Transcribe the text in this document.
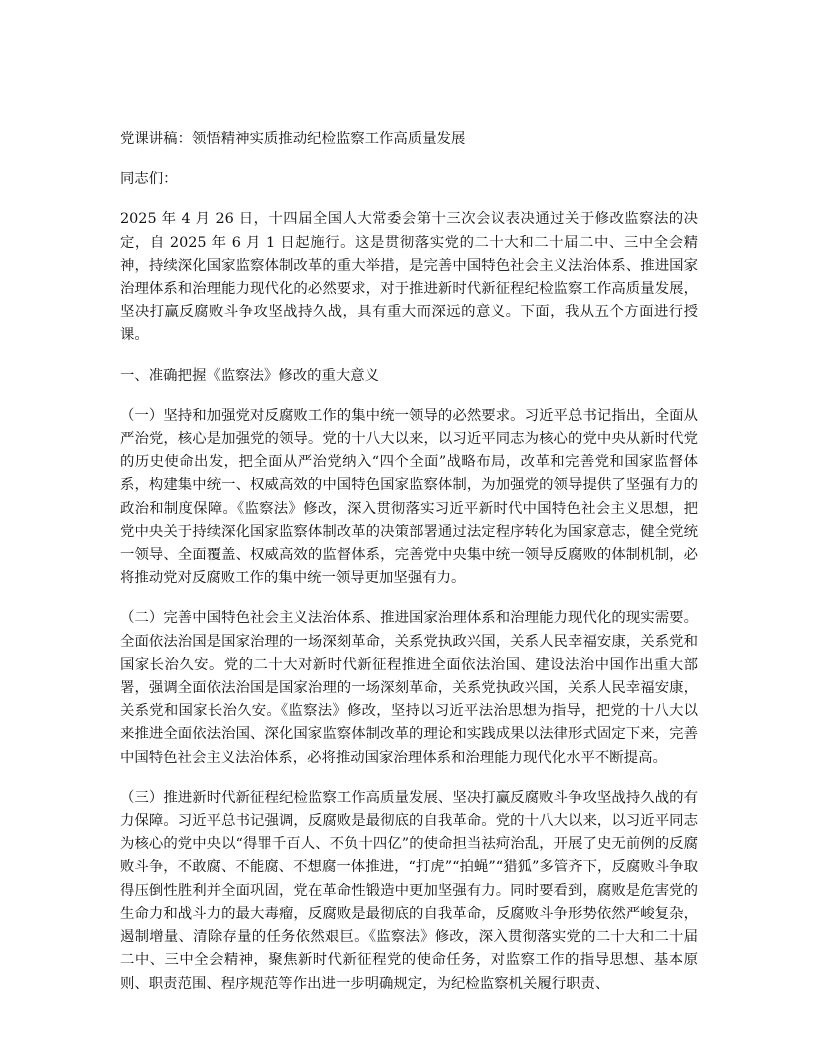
党课讲稿：领悟精神实质推动纪检监察工作高质量发展

同志们：

2025 年 4 月 26 日，十四届全国人大常委会第十三次会议表决通过关于修改监察法的决定，自 2025 年 6 月 1 日起施行。这是贯彻落实党的二十大和二十届二中、三中全会精神，持续深化国家监察体制改革的重大举措，是完善中国特色社会主义法治体系、推进国家治理体系和治理能力现代化的必然要求，对于推进新时代新征程纪检监察工作高质量发展，坚决打赢反腐败斗争攻坚战持久战，具有重大而深远的意义。下面，我从五个方面进行授课。

一、准确把握《监察法》修改的重大意义

（一）坚持和加强党对反腐败工作的集中统一领导的必然要求。习近平总书记指出，全面从严治党，核心是加强党的领导。党的十八大以来，以习近平同志为核心的党中央从新时代党的历史使命出发，把全面从严治党纳入“四个全面”战略布局，改革和完善党和国家监督体系，构建集中统一、权威高效的中国特色国家监察体制，为加强党的领导提供了坚强有力的政治和制度保障。《监察法》修改，深入贯彻落实习近平新时代中国特色社会主义思想，把党中央关于持续深化国家监察体制改革的决策部署通过法定程序转化为国家意志，健全党统一领导、全面覆盖、权威高效的监督体系，完善党中央集中统一领导反腐败的体制机制，必将推动党对反腐败工作的集中统一领导更加坚强有力。

（二）完善中国特色社会主义法治体系、推进国家治理体系和治理能力现代化的现实需要。全面依法治国是国家治理的一场深刻革命，关系党执政兴国，关系人民幸福安康，关系党和国家长治久安。党的二十大对新时代新征程推进全面依法治国、建设法治中国作出重大部署，强调全面依法治国是国家治理的一场深刻革命，关系党执政兴国，关系人民幸福安康，关系党和国家长治久安。《监察法》修改，坚持以习近平法治思想为指导，把党的十八大以来推进全面依法治国、深化国家监察体制改革的理论和实践成果以法律形式固定下来，完善中国特色社会主义法治体系，必将推动国家治理体系和治理能力现代化水平不断提高。

（三）推进新时代新征程纪检监察工作高质量发展、坚决打赢反腐败斗争攻坚战持久战的有力保障。习近平总书记强调，反腐败是最彻底的自我革命。党的十八大以来，以习近平同志为核心的党中央以“得罪千百人、不负十四亿”的使命担当祛疴治乱，开展了史无前例的反腐败斗争，不敢腐、不能腐、不想腐一体推进，“打虎”“拍蝇”“猎狐”多管齐下，反腐败斗争取得压倒性胜利并全面巩固，党在革命性锻造中更加坚强有力。同时要看到，腐败是危害党的生命力和战斗力的最大毒瘤，反腐败是最彻底的自我革命，反腐败斗争形势依然严峻复杂，遏制增量、清除存量的任务依然艰巨。《监察法》修改，深入贯彻落实党的二十大和二十届二中、三中全会精神，聚焦新时代新征程党的使命任务，对监察工作的指导思想、基本原则、职责范围、程序规范等作出进一步明确规定，为纪检监察机关履行职责、
